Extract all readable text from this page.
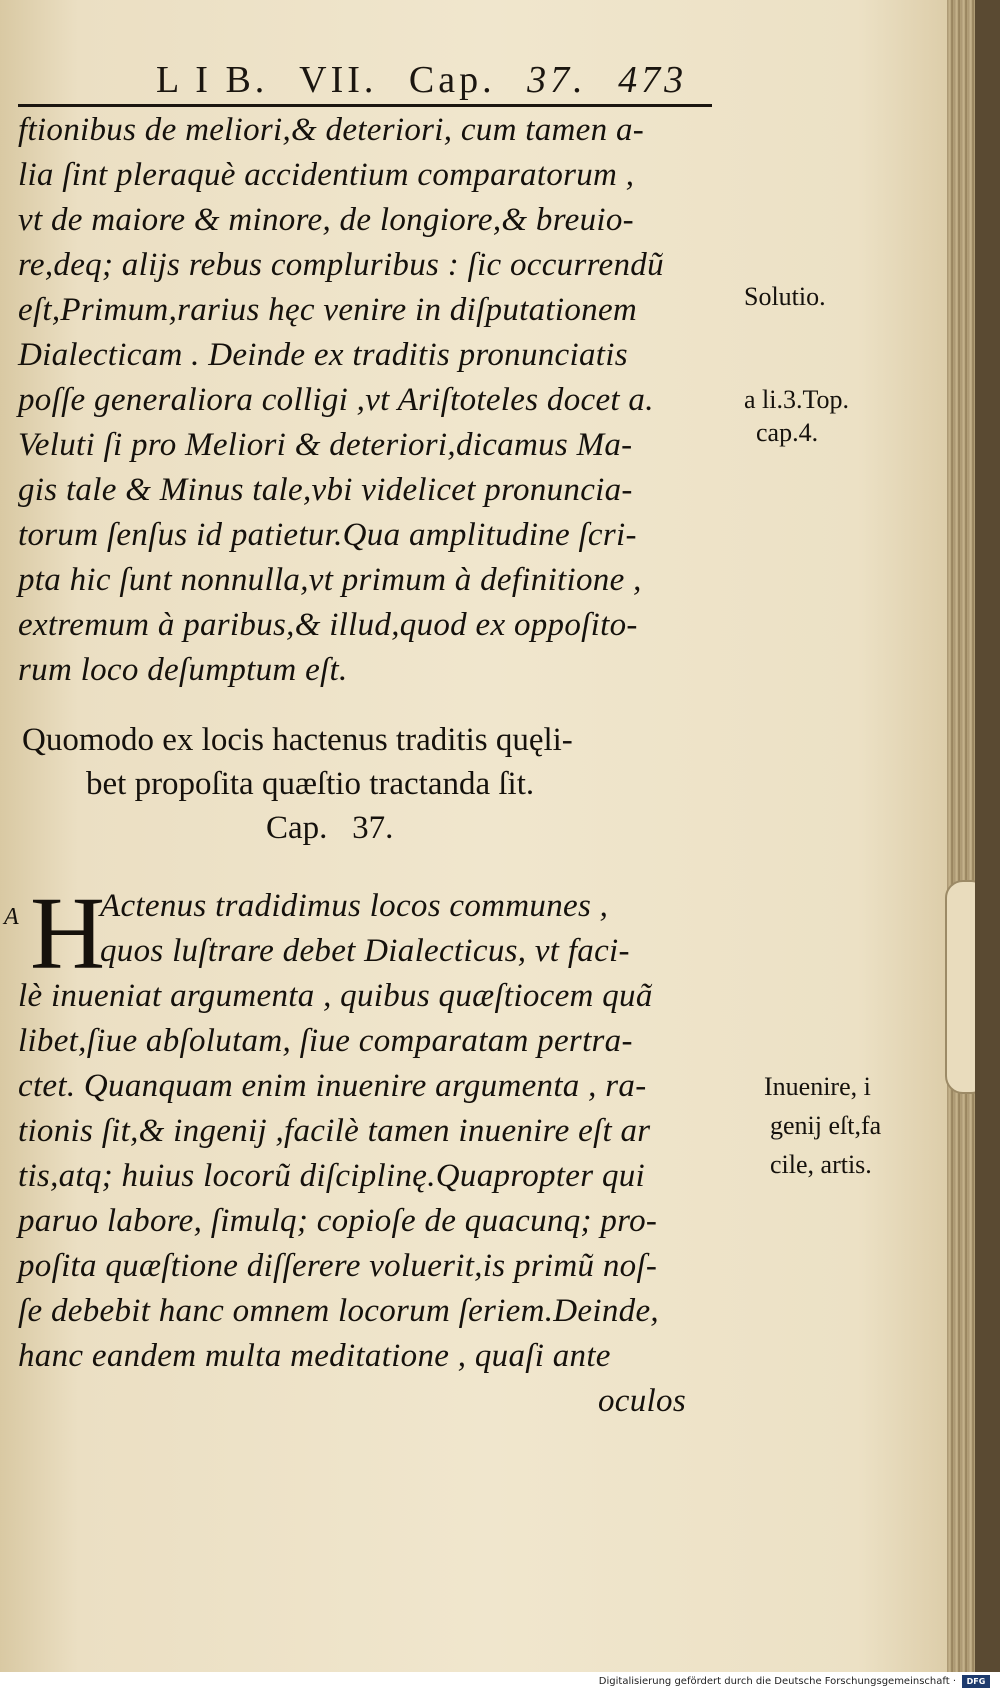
L I B. VII. Cap. 37. 473
ftionibus de meliori,& deteriori, cum tamen a-
lia ſint pleraquè accidentium comparatorum ,
vt de maiore & minore, de longiore,& breuio-
re,deq; alijs rebus compluribus : ſic occurrendũ
eſt,Primum,rarius hęc venire in diſputationem
Dialecticam . Deinde ex traditis pronunciatis
poſſe generaliora colligi ,vt Ariſtoteles docet a.
Veluti ſi pro Meliori & deteriori,dicamus Ma-
gis tale & Minus tale,vbi videlicet pronuncia-
torum ſenſus id patietur.Qua amplitudine ſcri-
pta hic ſunt nonnulla,vt primum à definitione ,
extremum à paribus,& illud,quod ex oppoſito-
rum loco deſumptum eſt.
Quomodo ex locis hactenus traditis quęli-
bet propoſita quæſtio tractanda ſit.
Cap.   37.
A H
Actenus tradidimus locos communes ,
quos luſtrare debet Dialecticus, vt faci-
lè inueniat argumenta , quibus quæſtiocem quã
libet,ſiue abſolutam, ſiue comparatam pertra-
ctet. Quanquam enim inuenire argumenta , ra-
tionis ſit,& ingenij ,facilè tamen inuenire eſt ar
tis,atq; huius locorũ diſciplinę.Quapropter qui
paruo labore, ſimulq; copioſe de quacunq; pro-
poſita quæſtione diſſerere voluerit,is primũ noſ-
ſe debebit hanc omnem locorum ſeriem.Deinde,
hanc eandem multa meditatione , quaſi ante
oculos
Solutio.
a li.3.Top.
cap.4.
Inuenire, i
genij eſt,fa
cile, artis.
Digitalisierung gefördert durch die Deutsche Forschungsgemeinschaft ·	DFG
